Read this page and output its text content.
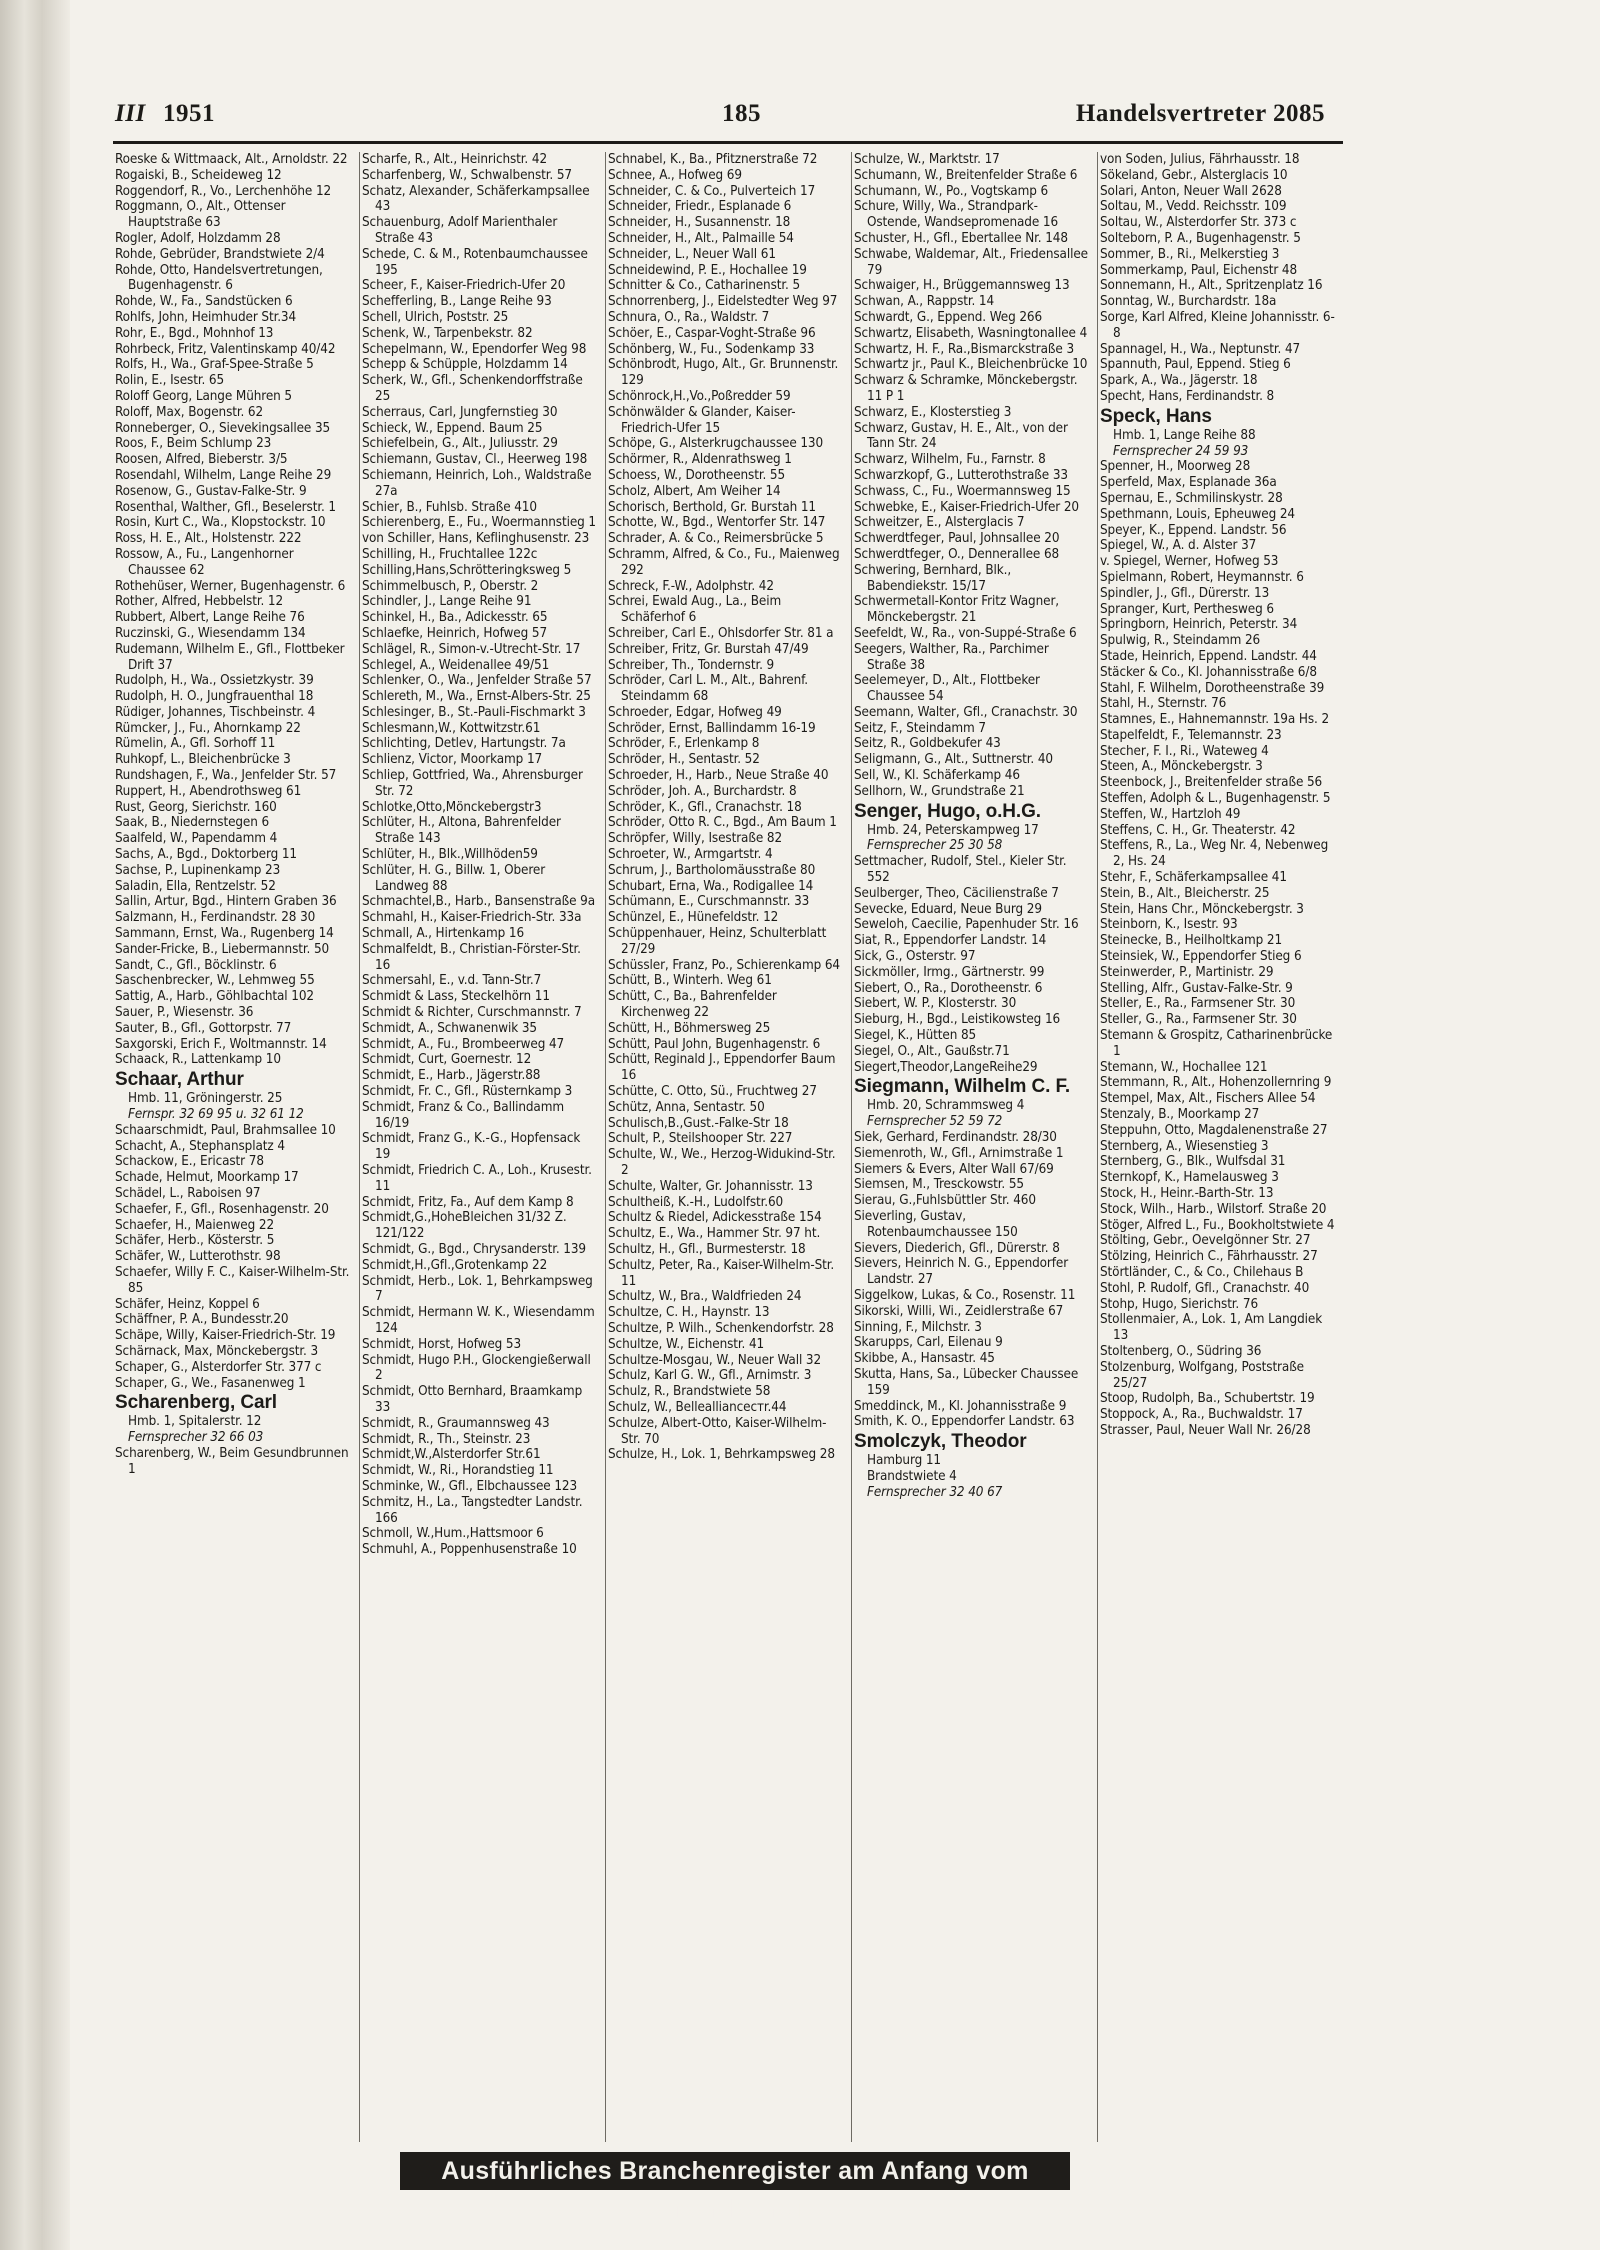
III 1951	185	Handelsvertreter 2085
Roeske & Wittmaack, Alt., Arnoldstr. 22
Rogaiski, B., Scheideweg 12
Roggendorf, R., Vo., Lerchenhöhe 12
Roggmann, O., Alt., Ottenser Hauptstraße 63
Rogler, Adolf, Holzdamm 28
Rohde, Gebrüder, Brandstwiete 2/4
Rohde, Otto, Handelsvertretungen, Bugenhagenstr. 6
Rohde, W., Fa., Sandstücken 6
Rohlfs, John, Heimhuder Str.34
Rohr, E., Bgd., Mohnhof 13
Rohrbeck, Fritz, Valentinskamp 40/42
Rolfs, H., Wa., Graf-Spee-Straße 5
Rolin, E., Isestr. 65
Roloff Georg, Lange Mühren 5
Roloff, Max, Bogenstr. 62
Ronneberger, O., Sievekingsallee 35
Roos, F., Beim Schlump 23
Roosen, Alfred, Bieberstr. 3/5
Rosendahl, Wilhelm, Lange Reihe 29
Rosenow, G., Gustav-Falke-Str. 9
Rosenthal, Walther, Gfl., Beselerstr. 1
Rosin, Kurt C., Wa., Klopstockstr. 10
Ross, H. E., Alt., Holstenstr. 222
Rossow, A., Fu., Langenhorner Chaussee 62
Rothehüser, Werner, Bugenhagenstr. 6
Rother, Alfred, Hebbelstr. 12
Rubbert, Albert, Lange Reihe 76
Ruczinski, G., Wiesendamm 134
Rudemann, Wilhelm E., Gfl., Flottbeker Drift 37
Rudolph, H., Wa., Ossietzkystr. 39
Rudolph, H. O., Jungfrauenthal 18
Rüdiger, Johannes, Tischbeinstr. 4
Rümcker, J., Fu., Ahornkamp 22
Rümelin, A., Gfl. Sorhoff 11
Ruhkopf, L., Bleichenbrücke 3
Rundshagen, F., Wa., Jenfelder Str. 57
Ruppert, H., Abendrothsweg 61
Rust, Georg, Sierichstr. 160
Saak, B., Niedernstegen 6
Saalfeld, W., Papendamm 4
Sachs, A., Bgd., Doktorberg 11
Sachse, P., Lupinenkamp 23
Saladin, Ella, Rentzelstr. 52
Sallin, Artur, Bgd., Hintern Graben 36
Salzmann, H., Ferdinandstr. 28 30
Sammann, Ernst, Wa., Rugenberg 14
Sander-Fricke, B., Liebermannstr. 50
Sandt, C., Gfl., Böcklinstr. 6
Saschenbrecker, W., Lehmweg 55
Sattig, A., Harb., Göhlbachtal 102
Sauer, P., Wiesenstr. 36
Sauter, B., Gfl., Gottorpstr. 77
Saxgorski, Erich F., Woltmannstr. 14
Schaack, R., Lattenkamp 10
Schaar, Arthur
Hmb. 11, Gröningerstr. 25
Fernspr. 32 69 95 u. 32 61 12
Schaarschmidt, Paul, Brahmsallee 10
Schacht, A., Stephansplatz 4
Schackow, E., Ericastr 78
Schade, Helmut, Moorkamp 17
Schädel, L., Raboisen 97
Schaefer, F., Gfl., Rosenhagenstr. 20
Schaefer, H., Maienweg 22
Schäfer, Herb., Kösterstr. 5
Schäfer, W., Lutterothstr. 98
Schaefer, Willy F. C., Kaiser-Wilhelm-Str. 85
Schäfer, Heinz, Koppel 6
Schäffner, P. A., Bundesstr.20
Schäpe, Willy, Kaiser-Friedrich-Str. 19
Schärnack, Max, Mönckebergstr. 3
Schaper, G., Alsterdorfer Str. 377 c
Schaper, G., We., Fasanenweg 1
Scharenberg, Carl
Hmb. 1, Spitalerstr. 12
Fernsprecher 32 66 03
Scharenberg, W., Beim Gesundbrunnen 1
Scharfe, R., Alt., Heinrichstr. 42
Scharfenberg, W., Schwalbenstr. 57
Schatz, Alexander, Schäferkampsallee 43
Schauenburg, Adolf Marienthaler Straße 43
Schede, C. & M., Rotenbaumchaussee 195
Scheer, F., Kaiser-Friedrich-Ufer 20
Schefferling, B., Lange Reihe 93
Schell, Ulrich, Poststr. 25
Schenk, W., Tarpenbekstr. 82
Schepelmann, W., Ependorfer Weg 98
Schepp & Schüpple, Holzdamm 14
Scherk, W., Gfl., Schenkendorffstraße 25
Scherraus, Carl, Jungfernstieg 30
Schieck, W., Eppend. Baum 25
Schiefelbein, G., Alt., Juliusstr. 29
Schiemann, Gustav, Cl., Heerweg 198
Schiemann, Heinrich, Loh., Waldstraße 27a
Schier, B., Fuhlsb. Straße 410
Schierenberg, E., Fu., Woermannstieg 1
von Schiller, Hans, Keflinghusenstr. 23
Schilling, H., Fruchtallee 122c
Schilling,Hans,Schrötteringksweg 5
Schimmelbusch, P., Oberstr. 2
Schindler, J., Lange Reihe 91
Schinkel, H., Ba., Adickesstr. 65
Schlaefke, Heinrich, Hofweg 57
Schlägel, R., Simon-v.-Utrecht-Str. 17
Schlegel, A., Weidenallee 49/51
Schlenker, O., Wa., Jenfelder Straße 57
Schlereth, M., Wa., Ernst-Albers-Str. 25
Schlesinger, B., St.-Pauli-Fischmarkt 3
Schlesmann,W., Kottwitzstr.61
Schlichting, Detlev, Hartungstr. 7a
Schlienz, Victor, Moorkamp 17
Schliep, Gottfried, Wa., Ahrensburger Str. 72
Schlotke,Otto,Mönckebergstr3
Schlüter, H., Altona, Bahrenfelder Straße 143
Schlüter, H., Blk.,Willhöden59
Schlüter, H. G., Billw. 1, Oberer Landweg 88
Schmachtel,B., Harb., Bansenstraße 9a
Schmahl, H., Kaiser-Friedrich-Str. 33a
Schmall, A., Hirtenkamp 16
Schmalfeldt, B., Christian-Förster-Str. 16
Schmersahl, E., v.d. Tann-Str.7
Schmidt & Lass, Steckelhörn 11
Schmidt & Richter, Curschmannstr. 7
Schmidt, A., Schwanenwik 35
Schmidt, A., Fu., Brombeerweg 47
Schmidt, Curt, Goernestr. 12
Schmidt, E., Harb., Jägerstr.88
Schmidt, Fr. C., Gfl., Rüsternkamp 3
Schmidt, Franz & Co., Ballindamm 16/19
Schmidt, Franz G., K.-G., Hopfensack 19
Schmidt, Friedrich C. A., Loh., Krusestr. 11
Schmidt, Fritz, Fa., Auf dem Kamp 8
Schmidt,G.,HoheBleichen 31/32 Z. 121/122
Schmidt, G., Bgd., Chrysanderstr. 139
Schmidt,H.,Gfl.,Grotenkamp 22
Schmidt, Herb., Lok. 1, Behrkampsweg 7
Schmidt, Hermann W. K., Wiesendamm 124
Schmidt, Horst, Hofweg 53
Schmidt, Hugo P.H., Glockengießerwall 2
Schmidt, Otto Bernhard, Braamkamp 33
Schmidt, R., Graumannsweg 43
Schmidt, R., Th., Steinstr. 23
Schmidt,W.,Alsterdorfer Str.61
Schmidt, W., Ri., Horandstieg 11
Schminke, W., Gfl., Elbchaussee 123
Schmitz, H., La., Tangstedter Landstr. 166
Schmoll, W.,Hum.,Hattsmoor 6
Schmuhl, A., Poppenhusenstraße 10
Schnabel, K., Ba., Pfitznerstraße 72
Schnee, A., Hofweg 69
Schneider, C. & Co., Pulverteich 17
Schneider, Friedr., Esplanade 6
Schneider, H., Susannenstr. 18
Schneider, H., Alt., Palmaille 54
Schneider, L., Neuer Wall 61
Schneidewind, P. E., Hochallee 19
Schnitter & Co., Catharinenstr. 5
Schnorrenberg, J., Eidelstedter Weg 97
Schnura, O., Ra., Waldstr. 7
Schöer, E., Caspar-Voght-Straße 96
Schönberg, W., Fu., Sodenkamp 33
Schönbrodt, Hugo, Alt., Gr. Brunnenstr. 129
Schönrock,H.,Vo.,Poßredder 59
Schönwälder & Glander, Kaiser-Friedrich-Ufer 15
Schöpe, G., Alsterkrugchaussee 130
Schörmer, R., Aldenrathsweg 1
Schoess, W., Dorotheenstr. 55
Scholz, Albert, Am Weiher 14
Schorisch, Berthold, Gr. Burstah 11
Schotte, W., Bgd., Wentorfer Str. 147
Schrader, A. & Co., Reimersbrücke 5
Schramm, Alfred, & Co., Fu., Maienweg 292
Schreck, F.-W., Adolphstr. 42
Schrei, Ewald Aug., La., Beim Schäferhof 6
Schreiber, Carl E., Ohlsdorfer Str. 81 a
Schreiber, Fritz, Gr. Burstah 47/49
Schreiber, Th., Tondernstr. 9
Schröder, Carl L. M., Alt., Bahrenf. Steindamm 68
Schroeder, Edgar, Hofweg 49
Schröder, Ernst, Ballindamm 16-19
Schröder, F., Erlenkamp 8
Schröder, H., Sentastr. 52
Schroeder, H., Harb., Neue Straße 40
Schröder, Joh. A., Burchardstr. 8
Schröder, K., Gfl., Cranachstr. 18
Schröder, Otto R. C., Bgd., Am Baum 1
Schröpfer, Willy, Isestraße 82
Schroeter, W., Armgartstr. 4
Schrum, J., Bartholomäusstraße 80
Schubart, Erna, Wa., Rodigallee 14
Schümann, E., Curschmannstr. 33
Schünzel, E., Hünefeldstr. 12
Schüppenhauer, Heinz, Schulterblatt 27/29
Schüssler, Franz, Po., Schierenkamp 64
Schütt, B., Winterh. Weg 61
Schütt, C., Ba., Bahrenfelder Kirchenweg 22
Schütt, H., Böhmersweg 25
Schütt, Paul John, Bugenhagenstr. 6
Schütt, Reginald J., Eppendorfer Baum 16
Schütte, C. Otto, Sü., Fruchtweg 27
Schütz, Anna, Sentastr. 50
Schulisch,B.,Gust.-Falke-Str 18
Schult, P., Steilshooper Str. 227
Schulte, W., We., Herzog-Widukind-Str. 2
Schulte, Walter, Gr. Johannisstr. 13
Schultheiß, K.-H., Ludolfstr.60
Schultz & Riedel, Adickesstraße 154
Schultz, E., Wa., Hammer Str. 97 ht.
Schultz, H., Gfl., Burmesterstr. 18
Schultz, Peter, Ra., Kaiser-Wilhelm-Str. 11
Schultz, W., Bra., Waldfrieden 24
Schultze, C. H., Haynstr. 13
Schultze, P. Wilh., Schenkendorfstr. 28
Schultze, W., Eichenstr. 41
Schultze-Mosgau, W., Neuer Wall 32
Schulz, Karl G. W., Gfl., Arnimstr. 3
Schulz, R., Brandstwiete 58
Schulz, W., Belleallianceстr.44
Schulze, Albert-Otto, Kaiser-Wilhelm-Str. 70
Schulze, H., Lok. 1, Behrkampsweg 28
Schulze, W., Marktstr. 17
Schumann, W., Breitenfelder Straße 6
Schumann, W., Po., Vogtskamp 6
Schure, Willy, Wa., Strandpark-Ostende, Wandsepromenade 16
Schuster, H., Gfl., Ebertallee Nr. 148
Schwabe, Waldemar, Alt., Friedensallee 79
Schwaiger, H., Brüggemannsweg 13
Schwan, A., Rappstr. 14
Schwardt, G., Eppend. Weg 266
Schwartz, Elisabeth, Wasningtonallee 4
Schwartz, H. F., Ra.,Bismarckstraße 3
Schwartz jr., Paul K., Bleichenbrücke 10
Schwarz & Schramke, Mönckebergstr. 11 P 1
Schwarz, E., Klosterstieg 3
Schwarz, Gustav, H. E., Alt., von der Tann Str. 24
Schwarz, Wilhelm, Fu., Farnstr. 8
Schwarzkopf, G., Lutterothstraße 33
Schwass, C., Fu., Woermannsweg 15
Schwebke, E., Kaiser-Friedrich-Ufer 20
Schweitzer, E., Alsterglacis 7
Schwerdtfeger, Paul, Johnsallee 20
Schwerdtfeger, O., Dennerallee 68
Schwering, Bernhard, Blk., Babendiekstr. 15/17
Schwermetall-Kontor Fritz Wagner, Mönckebergstr. 21
Seefeldt, W., Ra., von-Suppé-Straße 6
Seegers, Walther, Ra., Parchimer Straße 38
Seelemeyer, D., Alt., Flottbeker Chaussee 54
Seemann, Walter, Gfl., Cranachstr. 30
Seitz, F., Steindamm 7
Seitz, R., Goldbekufer 43
Seligmann, G., Alt., Suttnerstr. 40
Sell, W., Kl. Schäferkamp 46
Sellhorn, W., Grundstraße 21
Senger, Hugo, o.H.G.
Hmb. 24, Peterskampweg 17
Fernsprecher 25 30 58
Settmacher, Rudolf, Stel., Kieler Str. 552
Seulberger, Theo, Cäcilienstraße 7
Sevecke, Eduard, Neue Burg 29
Seweloh, Caecilie, Papenhuder Str. 16
Siat, R., Eppendorfer Landstr. 14
Sick, G., Osterstr. 97
Sickmöller, Irmg., Gärtnerstr. 99
Siebert, O., Ra., Dorotheenstr. 6
Siebert, W. P., Klosterstr. 30
Sieburg, H., Bgd., Leistikowsteg 16
Siegel, K., Hütten 85
Siegel, O., Alt., Gaußstr.71
Siegert,Theodor,LangeReihe29
Siegmann, Wilhelm C. F.
Hmb. 20, Schrammsweg 4
Fernsprecher 52 59 72
Siek, Gerhard, Ferdinandstr. 28/30
Siemenroth, W., Gfl., Arnimstraße 1
Siemers & Evers, Alter Wall 67/69
Siemsen, M., Tresckowstr. 55
Sierau, G.,Fuhlsbüttler Str. 460
Sieverling, Gustav, Rotenbaumchaussee 150
Sievers, Diederich, Gfl., Dürerstr. 8
Sievers, Heinrich N. G., Eppendorfer Landstr. 27
Siggelkow, Lukas, & Co., Rosenstr. 11
Sikorski, Willi, Wi., Zeidlerstraße 67
Sinning, F., Milchstr. 3
Skarupps, Carl, Eilenau 9
Skibbe, A., Hansastr. 45
Skutta, Hans, Sa., Lübecker Chaussee 159
Smeddinck, M., Kl. Johannisstraße 9
Smith, K. O., Eppendorfer Landstr. 63
Smolczyk, Theodor
Hamburg 11
Brandstwiete 4
Fernsprecher 32 40 67
von Soden, Julius, Fährhausstr. 18
Sökeland, Gebr., Alsterglacis 10
Solari, Anton, Neuer Wall 2628
Soltau, M., Vedd. Reichsstr. 109
Soltau, W., Alsterdorfer Str. 373 c
Solteborn, P. A., Bugenhagenstr. 5
Sommer, B., Ri., Melkerstieg 3
Sommerkamp, Paul, Eichenstr 48
Sonnemann, H., Alt., Spritzenplatz 16
Sonntag, W., Burchardstr. 18a
Sorge, Karl Alfred, Kleine Johannisstr. 6-8
Spannagel, H., Wa., Neptunstr. 47
Spannuth, Paul, Eppend. Stieg 6
Spark, A., Wa., Jägerstr. 18
Specht, Hans, Ferdinandstr. 8
Speck, Hans
Hmb. 1, Lange Reihe 88
Fernsprecher 24 59 93
Spenner, H., Moorweg 28
Sperfeld, Max, Esplanade 36a
Spernau, E., Schmilinskystr. 28
Spethmann, Louis, Ephеuweg 24
Speyer, K., Eppend. Landstr. 56
Spiegel, W., A. d. Alster 37
v. Spiegel, Werner, Hofweg 53
Spielmann, Robert, Heymannstr. 6
Spindler, J., Gfl., Dürerstr. 13
Spranger, Kurt, Perthesweg 6
Springborn, Heinrich, Peterstr. 34
Spulwig, R., Steindamm 26
Stade, Heinrich, Eppend. Landstr. 44
Stäcker & Co., Kl. Johannisstraße 6/8
Stahl, F. Wilhelm, Dorotheenstraße 39
Stahl, H., Sternstr. 76
Stamnes, E., Hahnemannstr. 19a Hs. 2
Stapelfeldt, F., Telemannstr. 23
Stecher, F. I., Ri., Wateweg 4
Steen, A., Mönckebergstr. 3
Steenbock, J., Breitenfelder straße 56
Steffen, Adolph & L., Bugenhagenstr. 5
Steffen, W., Hartzloh 49
Steffens, C. H., Gr. Theaterstr. 42
Steffens, R., La., Weg Nr. 4, Nebenweg 2, Hs. 24
Stehr, F., Schäferkampsallee 41
Stein, B., Alt., Bleicherstr. 25
Stein, Hans Chr., Mönckebergstr. 3
Steinborn, K., Isestr. 93
Steinecke, B., Heilholtkamp 21
Steinsiek, W., Eppendorfer Stieg 6
Steinwerder, P., Martinistr. 29
Stelling, Alfr., Gustav-Falke-Str. 9
Steller, E., Ra., Farmsener Str. 30
Steller, G., Ra., Farmsener Str. 30
Stemann & Grospitz, Catharinenbrücke 1
Stemann, W., Hochallee 121
Stemmann, R., Alt., Hohenzollernring 9
Stempel, Max, Alt., Fischers Allee 54
Stenzaly, B., Moorkamp 27
Steppuhn, Otto, Magdalenenstraße 27
Sternberg, A., Wiesenstieg 3
Sternberg, G., Blk., Wulfsdal 31
Sternkopf, K., Hamelausweg 3
Stock, H., Heinr.-Barth-Str. 13
Stock, Wilh., Harb., Wilstorf. Straße 20
Stöger, Alfred L., Fu., Bookholtstwiete 4
Stölting, Gebr., Oevelgönner Str. 27
Stölzing, Heinrich C., Fährhausstr. 27
Störtländer, C., & Co., Chilehaus B
Stohl, P. Rudolf, Gfl., Cranachstr. 40
Stohp, Hugo, Sierichstr. 76
Stollenmaier, A., Lok. 1, Am Langdiek 13
Stoltenberg, O., Südring 36
Stolzenburg, Wolfgang, Poststraße 25/27
Stoop, Rudolph, Ba., Schubertstr. 19
Stoppock, A., Ra., Buchwaldstr. 17
Strasser, Paul, Neuer Wall Nr. 26/28
Ausführliches Branchenregister am Anfang vom Branchenteil
